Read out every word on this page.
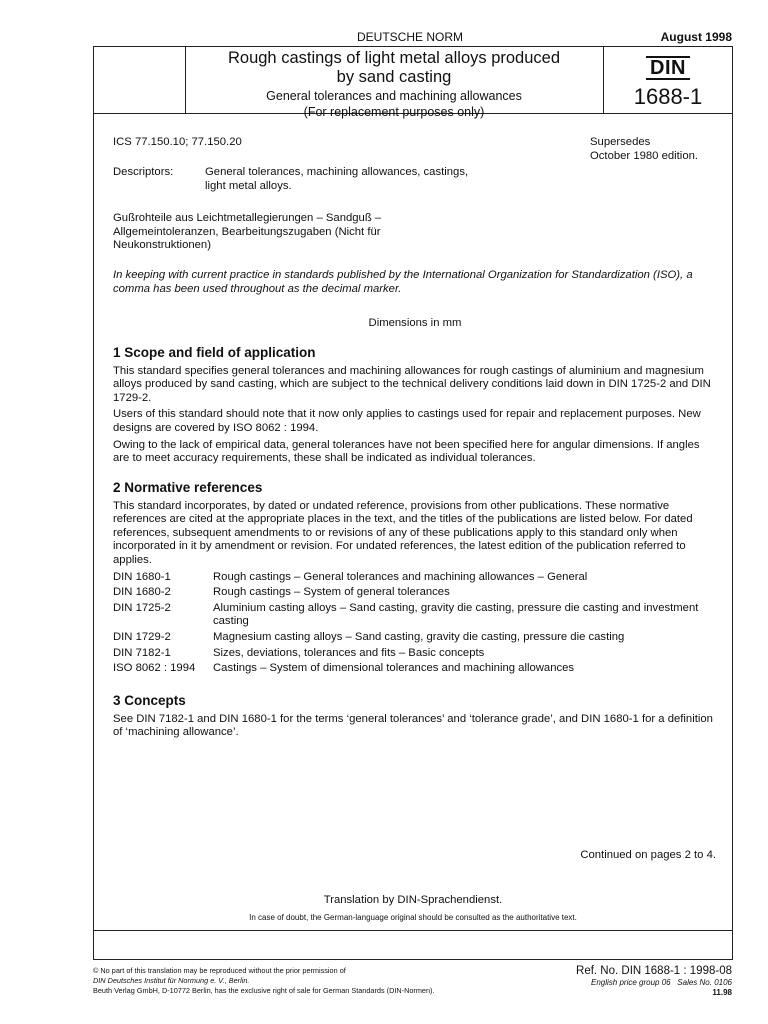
DEUTSCHE NORM	August 1998
Rough castings of light metal alloys produced
by sand casting
General tolerances and machining allowances
(For replacement purposes only)
DIN
1688-1
ICS 77.150.10; 77.150.20	Supersedes
October 1980 edition.
Descriptors:	General tolerances, machining allowances, castings,
light metal alloys.
Gußrohteile aus Leichtmetallegierungen – Sandguß –
Allgemeintoleranzen, Bearbeitungszugaben (Nicht für
Neukonstruktionen)
In keeping with current practice in standards published by the International Organization for Standardization (ISO), a comma has been used throughout as the decimal marker.
Dimensions in mm
1 Scope and field of application

This standard specifies general tolerances and machining allowances for rough castings of aluminium and magnesium alloys produced by sand casting, which are subject to the technical delivery conditions laid down in DIN 1725-2 and DIN 1729-2.

Users of this standard should note that it now only applies to castings used for repair and replacement purposes. New designs are covered by ISO 8062 : 1994.

Owing to the lack of empirical data, general tolerances have not been specified here for angular dimensions. If angles are to meet accuracy requirements, these shall be indicated as individual tolerances.

2 Normative references

This standard incorporates, by dated or undated reference, provisions from other publications. These normative references are cited at the appropriate places in the text, and the titles of the publications are listed below. For dated references, subsequent amendments to or revisions of any of these publications apply to this standard only when incorporated in it by amendment or revision. For undated references, the latest edition of the publication referred to applies.

DIN 1680-1	Rough castings – General tolerances and machining allowances – General
DIN 1680-2	Rough castings – System of general tolerances
DIN 1725-2	Aluminium casting alloys – Sand casting, gravity die casting, pressure die casting and investment casting
DIN 1729-2	Magnesium casting alloys – Sand casting, gravity die casting, pressure die casting
DIN 7182-1	Sizes, deviations, tolerances and fits – Basic concepts
ISO 8062 : 1994	Castings – System of dimensional tolerances and machining allowances
3 Concepts

See DIN 7182-1 and DIN 1680-1 for the terms ‘general tolerances’ and ‘tolerance grade’, and DIN 1680-1 for a definition of ‘machining allowance’.

Continued on pages 2 to 4.
Translation by DIN-Sprachendienst.
In case of doubt, the German-language original should be consulted as the authoritative text.
© No part of this translation may be reproduced without the prior permission of
DIN Deutsches Institut für Normung e. V., Berlin.
Beuth Verlag GmbH, D-10772 Berlin, has the exclusive right of sale for German Standards (DIN-Normen).
Ref. No. DIN 1688-1 : 1998-08
English price group 06 Sales No. 0106
11.98
